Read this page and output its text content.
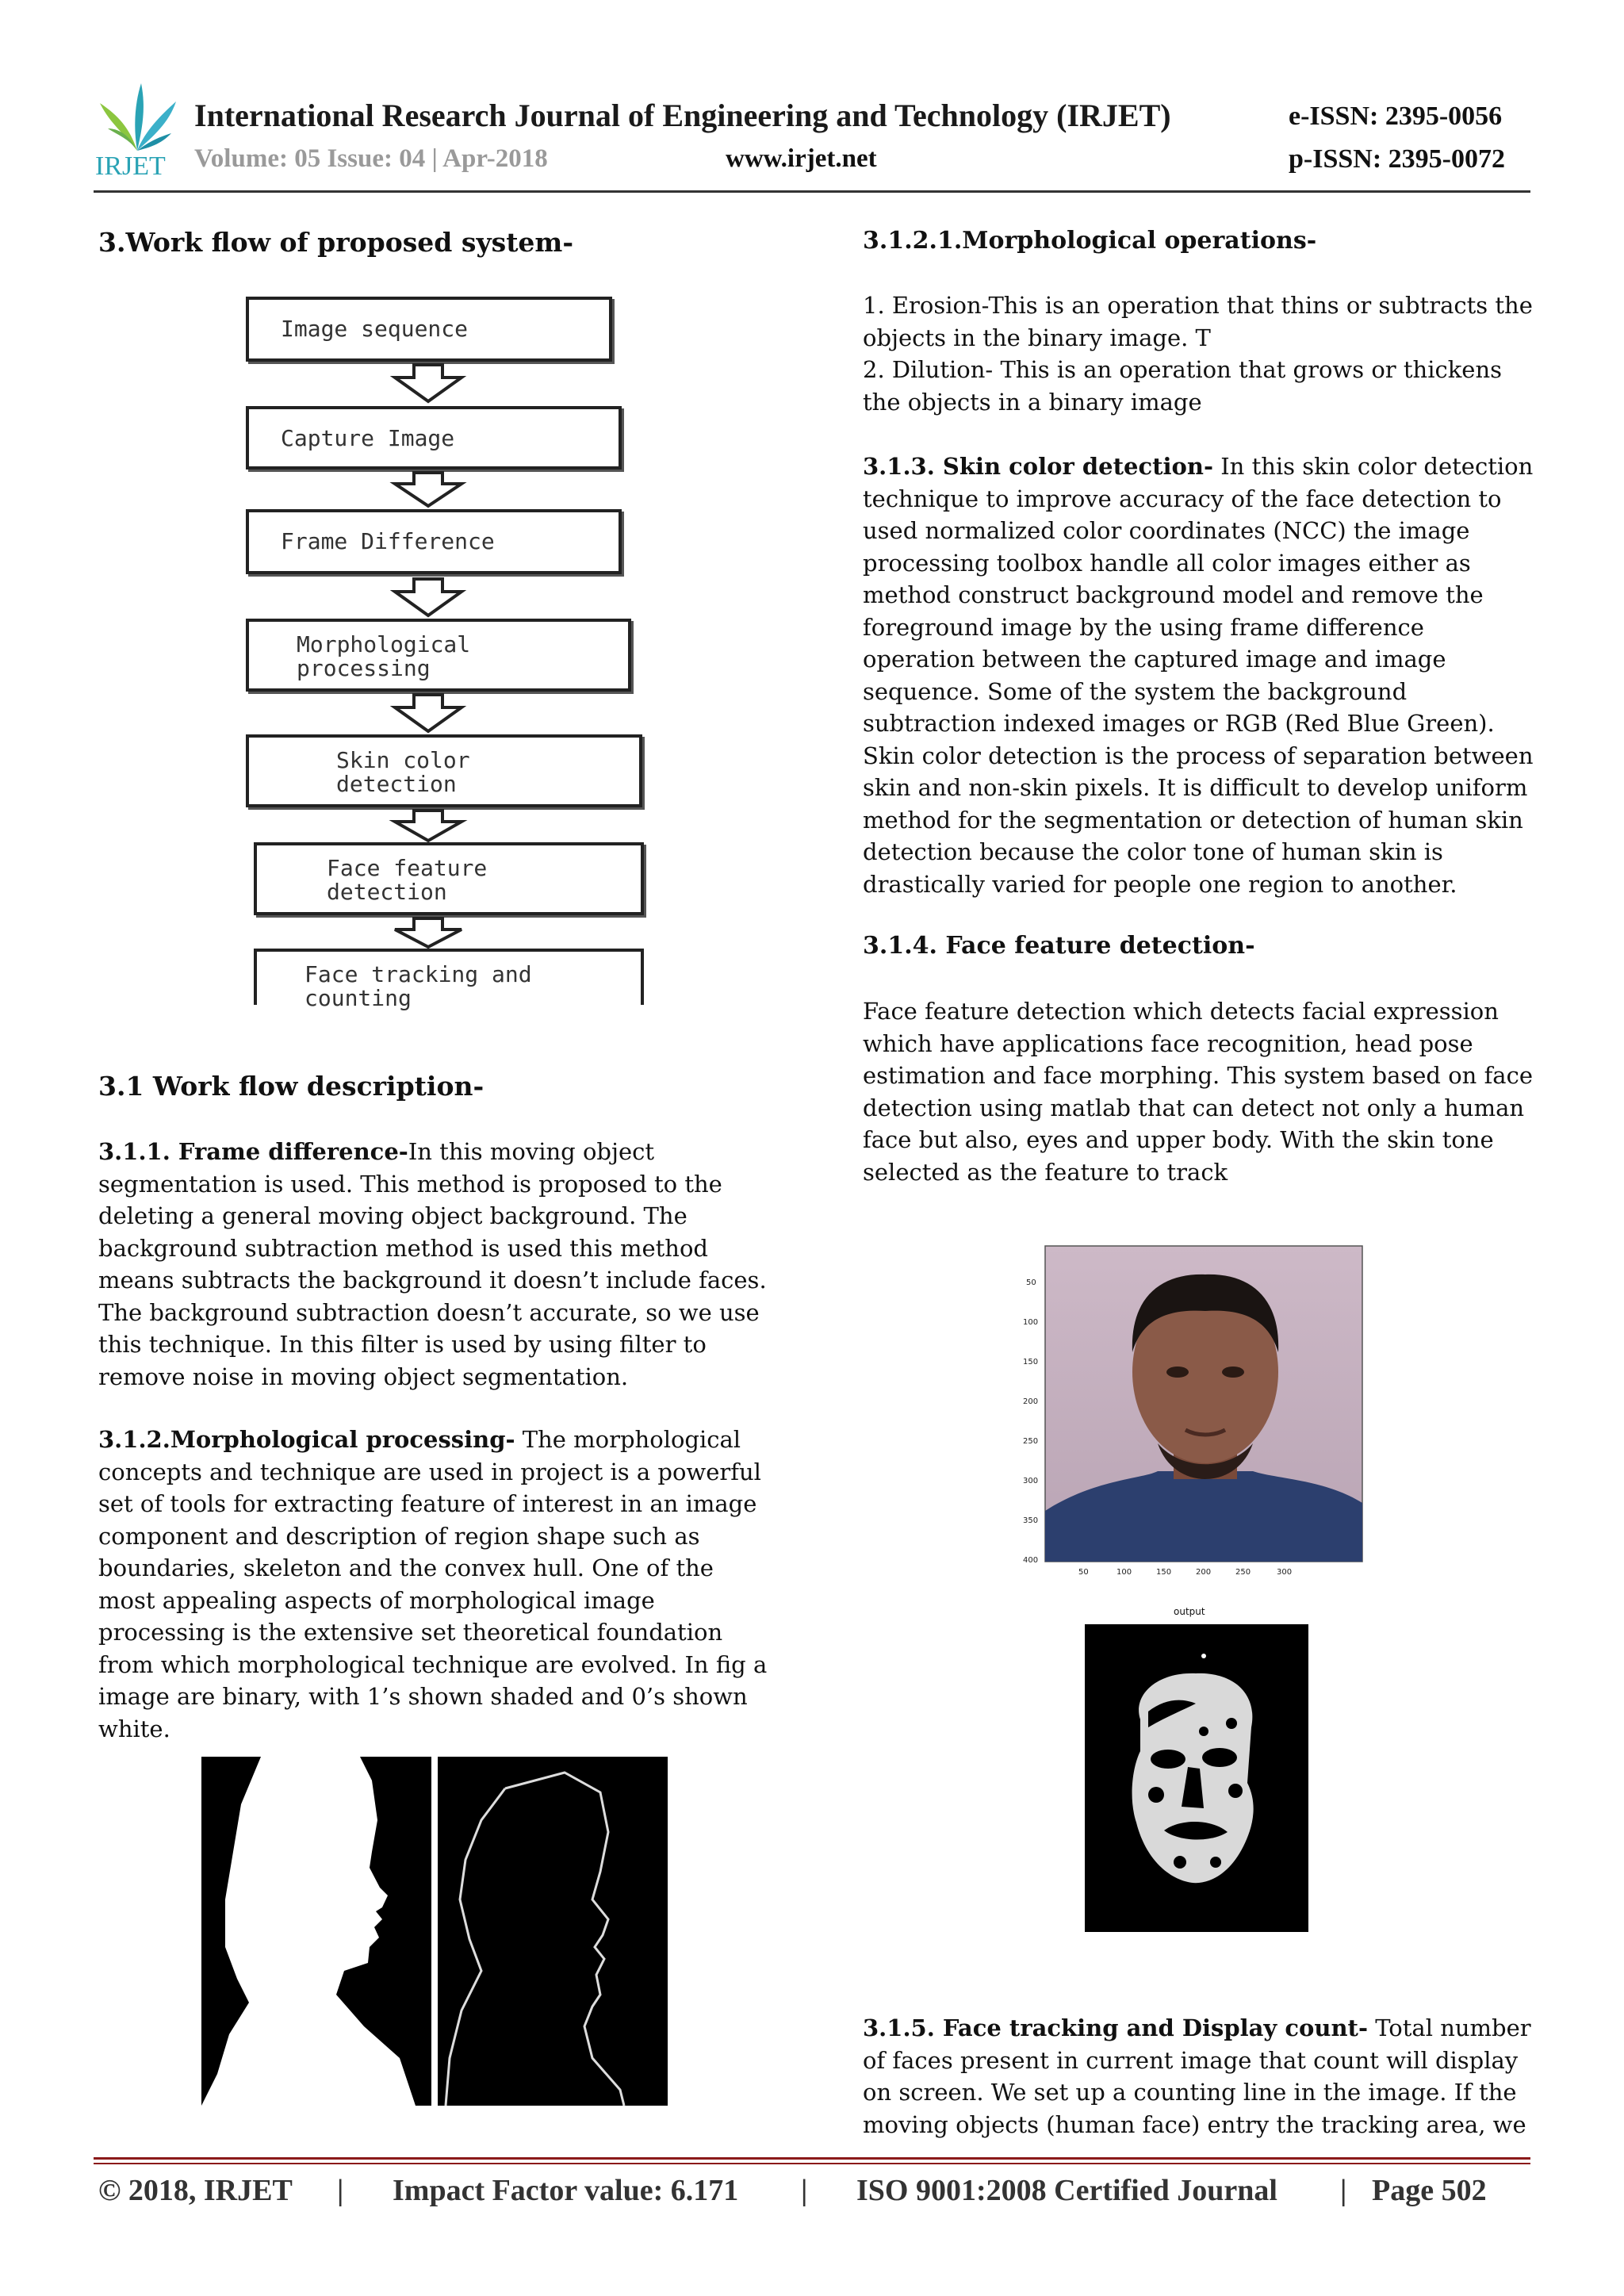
IRJET
International Research Journal of Engineering and Technology (IRJET)	e-ISSN: 2395-0056
Volume: 05 Issue: 04 | Apr-2018	www.irjet.net	p-ISSN: 2395-0072
3.Work flow of proposed system-
Image sequence
Capture Image
Frame Difference
Morphological
processing
Skin color
detection
Face feature
detection
Face tracking and
counting
3.1 Work flow description-
3.1.1. Frame difference-In this moving object
segmentation is used. This method is proposed to the
deleting a general moving object background. The
background subtraction method is used this method
means subtracts the background it doesn’t include faces.
The background subtraction doesn’t accurate, so we use
this technique. In this filter is used by using filter to
remove noise in moving object segmentation.
3.1.2.Morphological processing- The morphological
concepts and technique are used in project is a powerful
set of tools for extracting feature of interest in an image
component and description of region shape such as
boundaries, skeleton and the convex hull. One of the
most appealing aspects of morphological image
processing is the extensive set theoretical foundation
from which morphological technique are evolved. In fig a
image are binary, with 1’s shown shaded and 0’s shown
white.
3.1.2.1.Morphological operations-
1. Erosion-This is an operation that thins or subtracts the
objects in the binary image. T
2. Dilution- This is an operation that grows or thickens
the objects in a binary image
3.1.3. Skin color detection- In this skin color detection
technique to improve accuracy of the face detection to
used normalized color coordinates (NCC) the image
processing toolbox handle all color images either as
method construct background model and remove the
foreground image by the using frame difference
operation between the captured image and image
sequence. Some of the system the background
subtraction indexed images or RGB (Red Blue Green).
Skin color detection is the process of separation between
skin and non-skin pixels. It is difficult to develop uniform
method for the segmentation or detection of human skin
detection because the color tone of human skin is
drastically varied for people one region to another.
3.1.4. Face feature detection-
Face feature detection which detects facial expression
which have applications face recognition, head pose
estimation and face morphing. This system based on face
detection using matlab that can detect not only a human
face but also, eyes and upper body. With the skin tone
selected as the feature to track
50
100
150
200
250
300
350
400
50	100	150	200	250	300
output
3.1.5. Face tracking and Display count- Total number
of faces present in current image that count will display
on screen. We set up a counting line in the image. If the
moving objects (human face) entry the tracking area, we
© 2018, IRJET | Impact Factor value: 6.171 | ISO 9001:2008 Certified Journal | Page 502
